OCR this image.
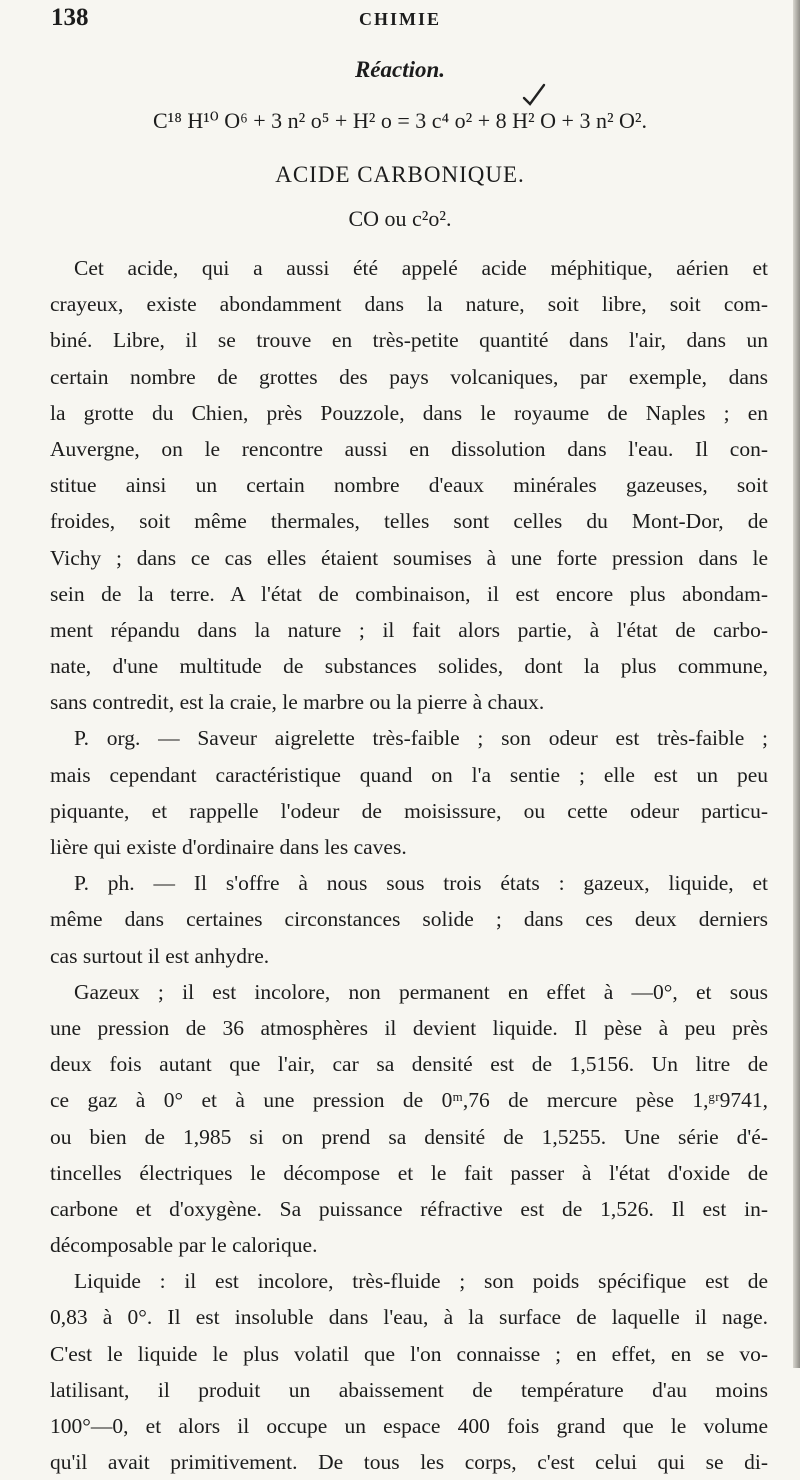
138	CHIMIE
Réaction.
C¹⁸ H¹⁰ O⁶ + 3 n² o⁵ + H² o = 3 c⁴ o² + 8 H² O + 3 n² O².
ACIDE CARBONIQUE.
CO ou c²o².
Cet acide, qui a aussi été appelé acide méphitique, aérien et
crayeux, existe abondamment dans la nature, soit libre, soit com-
biné. Libre, il se trouve en très-petite quantité dans l'air, dans un
certain nombre de grottes des pays volcaniques, par exemple, dans
la grotte du Chien, près Pouzzole, dans le royaume de Naples ; en
Auvergne, on le rencontre aussi en dissolution dans l'eau. Il con-
stitue ainsi un certain nombre d'eaux minérales gazeuses, soit
froides, soit même thermales, telles sont celles du Mont-Dor, de
Vichy ; dans ce cas elles étaient soumises à une forte pression dans le
sein de la terre. A l'état de combinaison, il est encore plus abondam-
ment répandu dans la nature ; il fait alors partie, à l'état de carbo-
nate, d'une multitude de substances solides, dont la plus commune,
sans contredit, est la craie, le marbre ou la pierre à chaux.
P. org. — Saveur aigrelette très-faible ; son odeur est très-faible ;
mais cependant caractéristique quand on l'a sentie ; elle est un peu
piquante, et rappelle l'odeur de moisissure, ou cette odeur particu-
lière qui existe d'ordinaire dans les caves.
P. ph. — Il s'offre à nous sous trois états : gazeux, liquide, et
même dans certaines circonstances solide ; dans ces deux derniers
cas surtout il est anhydre.
Gazeux ; il est incolore, non permanent en effet à —0°, et sous
une pression de 36 atmosphères il devient liquide. Il pèse à peu près
deux fois autant que l'air, car sa densité est de 1,5156. Un litre de
ce gaz à 0° et à une pression de 0ᵐ,76 de mercure pèse 1,ᵍʳ9741,
ou bien de 1,985 si on prend sa densité de 1,5255. Une série d'é-
tincelles électriques le décompose et le fait passer à l'état d'oxide de
carbone et d'oxygène. Sa puissance réfractive est de 1,526. Il est in-
décomposable par le calorique.
Liquide : il est incolore, très-fluide ; son poids spécifique est de
0,83 à 0°. Il est insoluble dans l'eau, à la surface de laquelle il nage.
C'est le liquide le plus volatil que l'on connaisse ; en effet, en se vo-
latilisant, il produit un abaissement de température d'au moins
100°—0, et alors il occupe un espace 400 fois grand que le volume
qu'il avait primitivement. De tous les corps, c'est celui qui se di-
